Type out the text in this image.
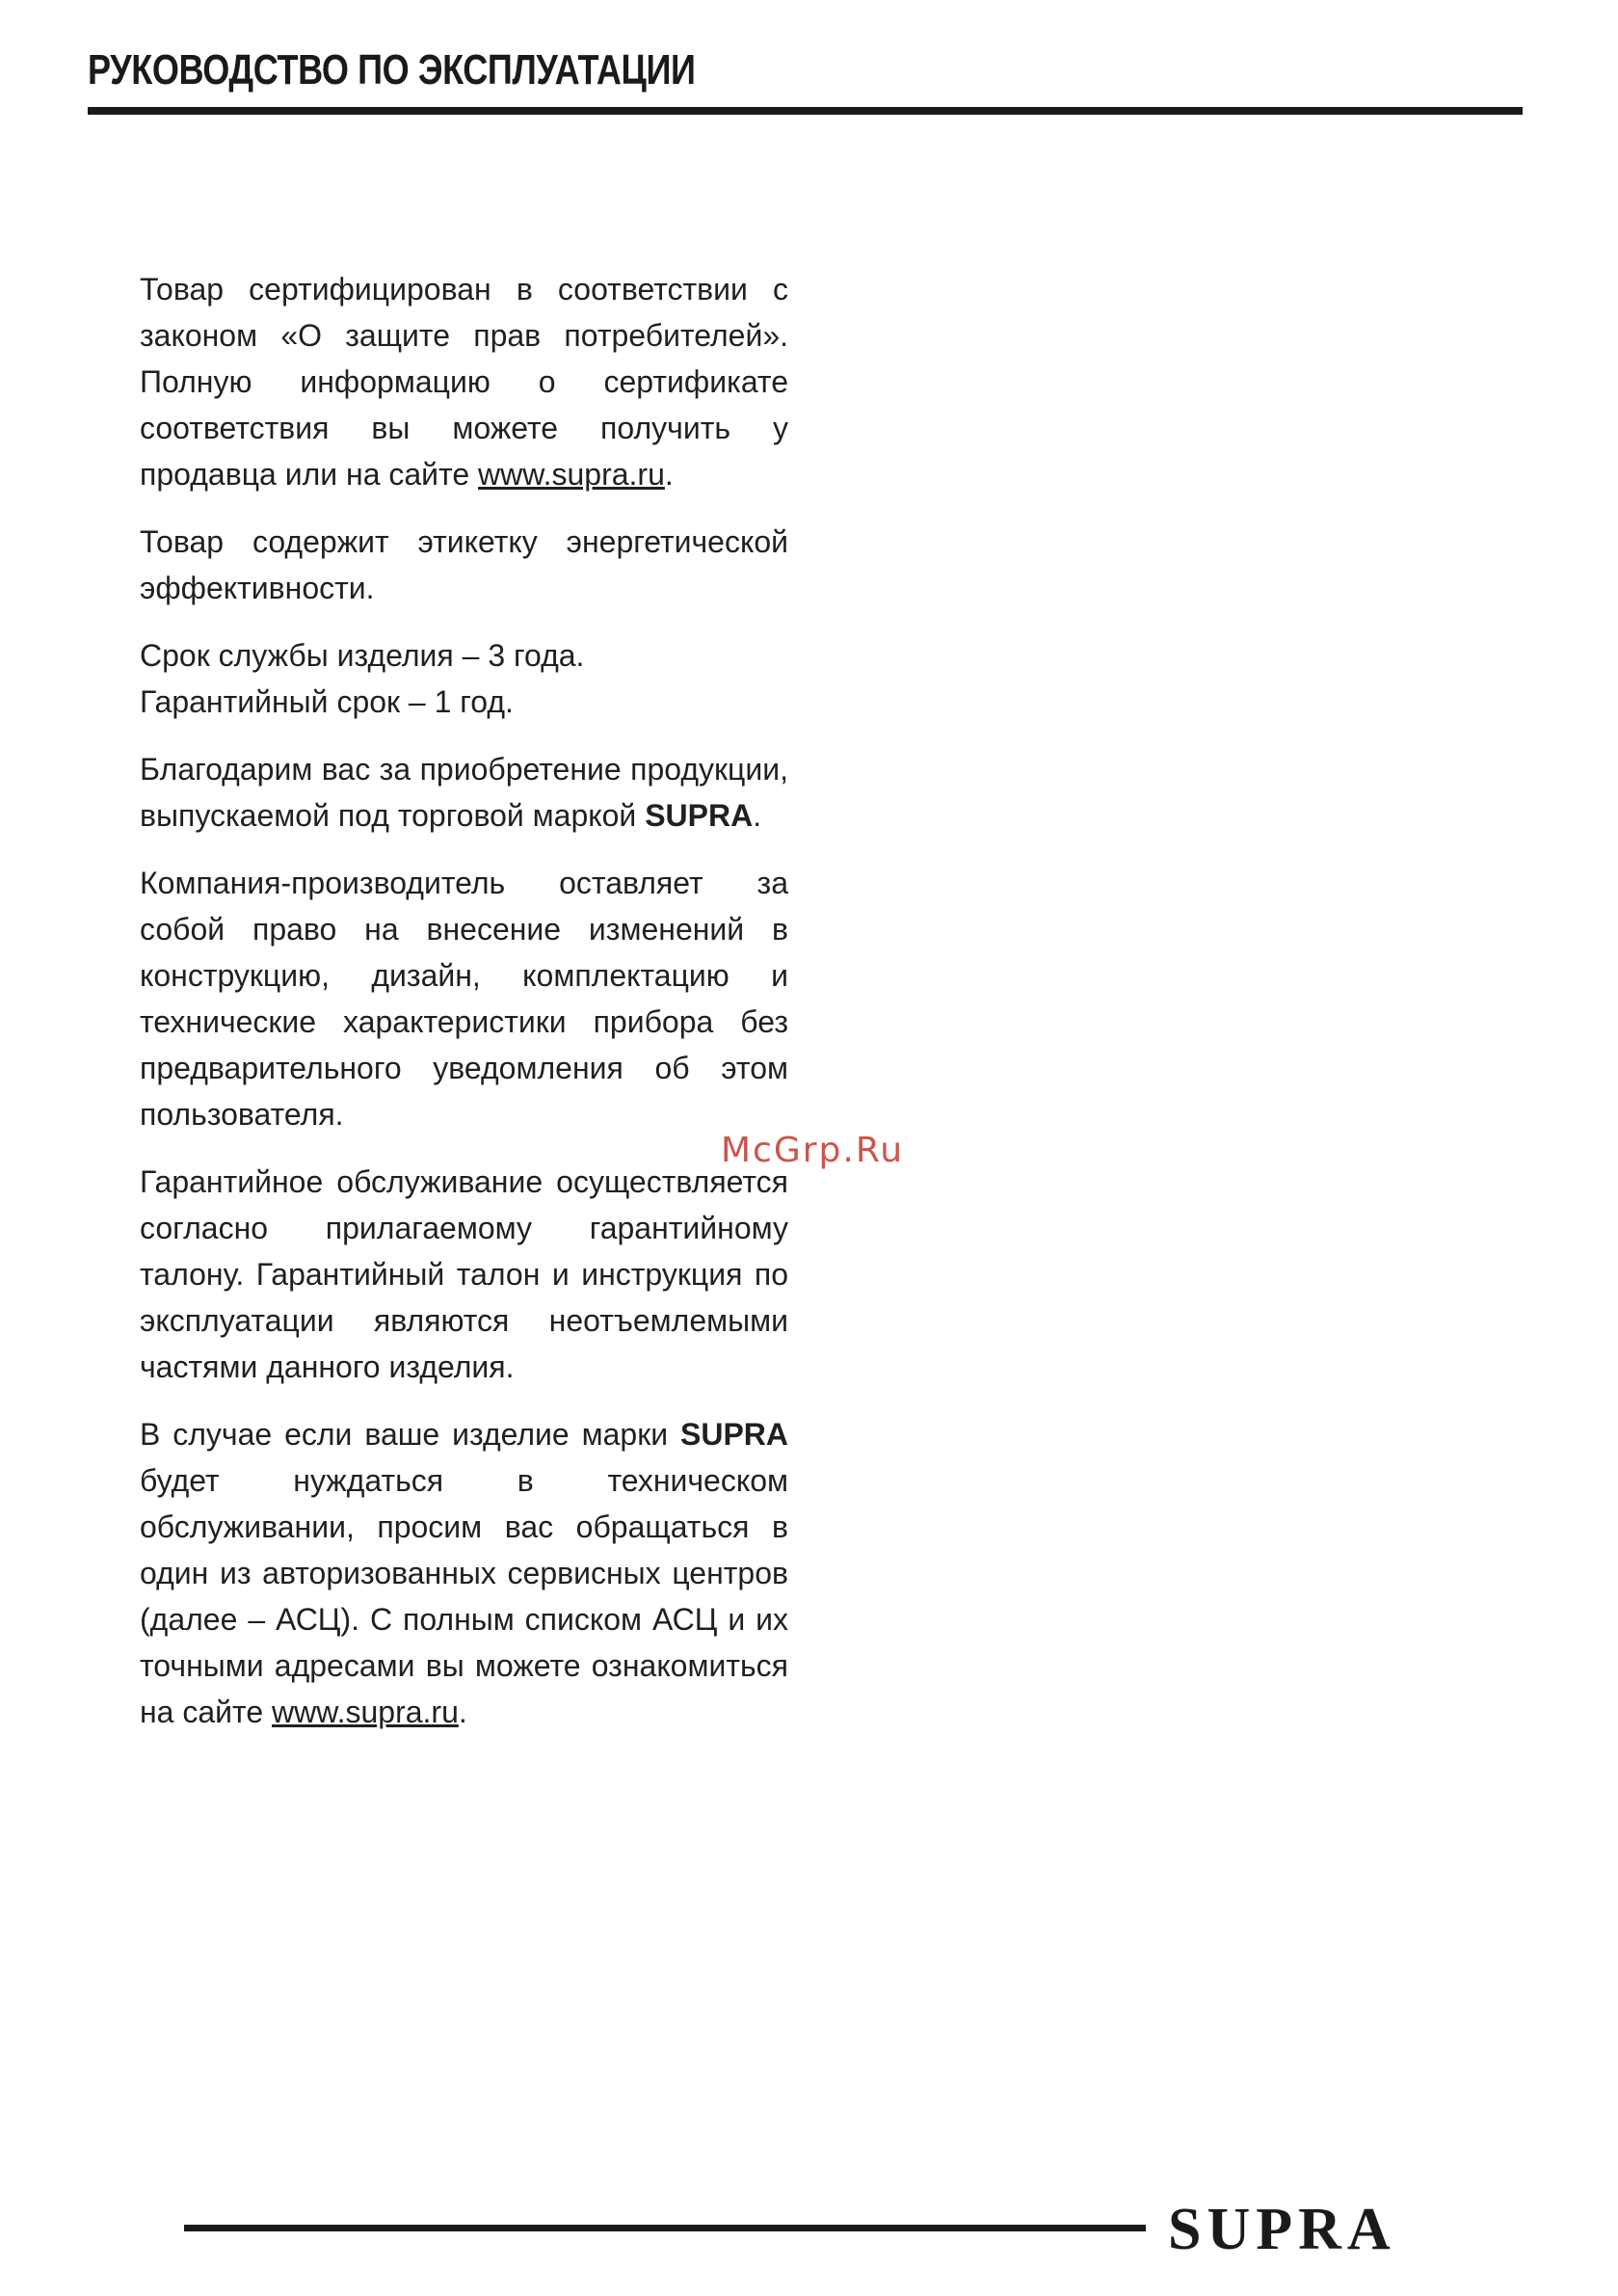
РУКОВОДСТВО ПО ЭКСПЛУАТАЦИИ

Товар сертифицирован в соответствии с законом «О защите прав потребителей». Полную информацию о сертификате соответствия вы можете получить у продавца или на сайте www.supra.ru.

Товар содержит этикетку энергетической эффективности.

Срок службы изделия – 3 года.
Гарантийный срок – 1 год.

Благодарим вас за приобретение продукции, выпускаемой под торговой маркой SUPRA.

Компания-производитель оставляет за собой право на внесение изменений в конструкцию, дизайн, комплектацию и технические характеристики прибора без предварительного уведомления об этом пользователя.

Гарантийное обслуживание осуществляется согласно прилагаемому гарантийному талону. Гарантийный талон и инструкция по эксплуатации являются неотъемлемыми частями данного изделия.

В случае если ваше изделие марки SUPRA будет нуждаться в техническом обслуживании, просим вас обращаться в один из авторизованных сервисных центров (далее – АСЦ). С полным списком АСЦ и их точными адресами вы можете ознакомиться на сайте www.supra.ru.

McGrp.Ru
SUPRA
